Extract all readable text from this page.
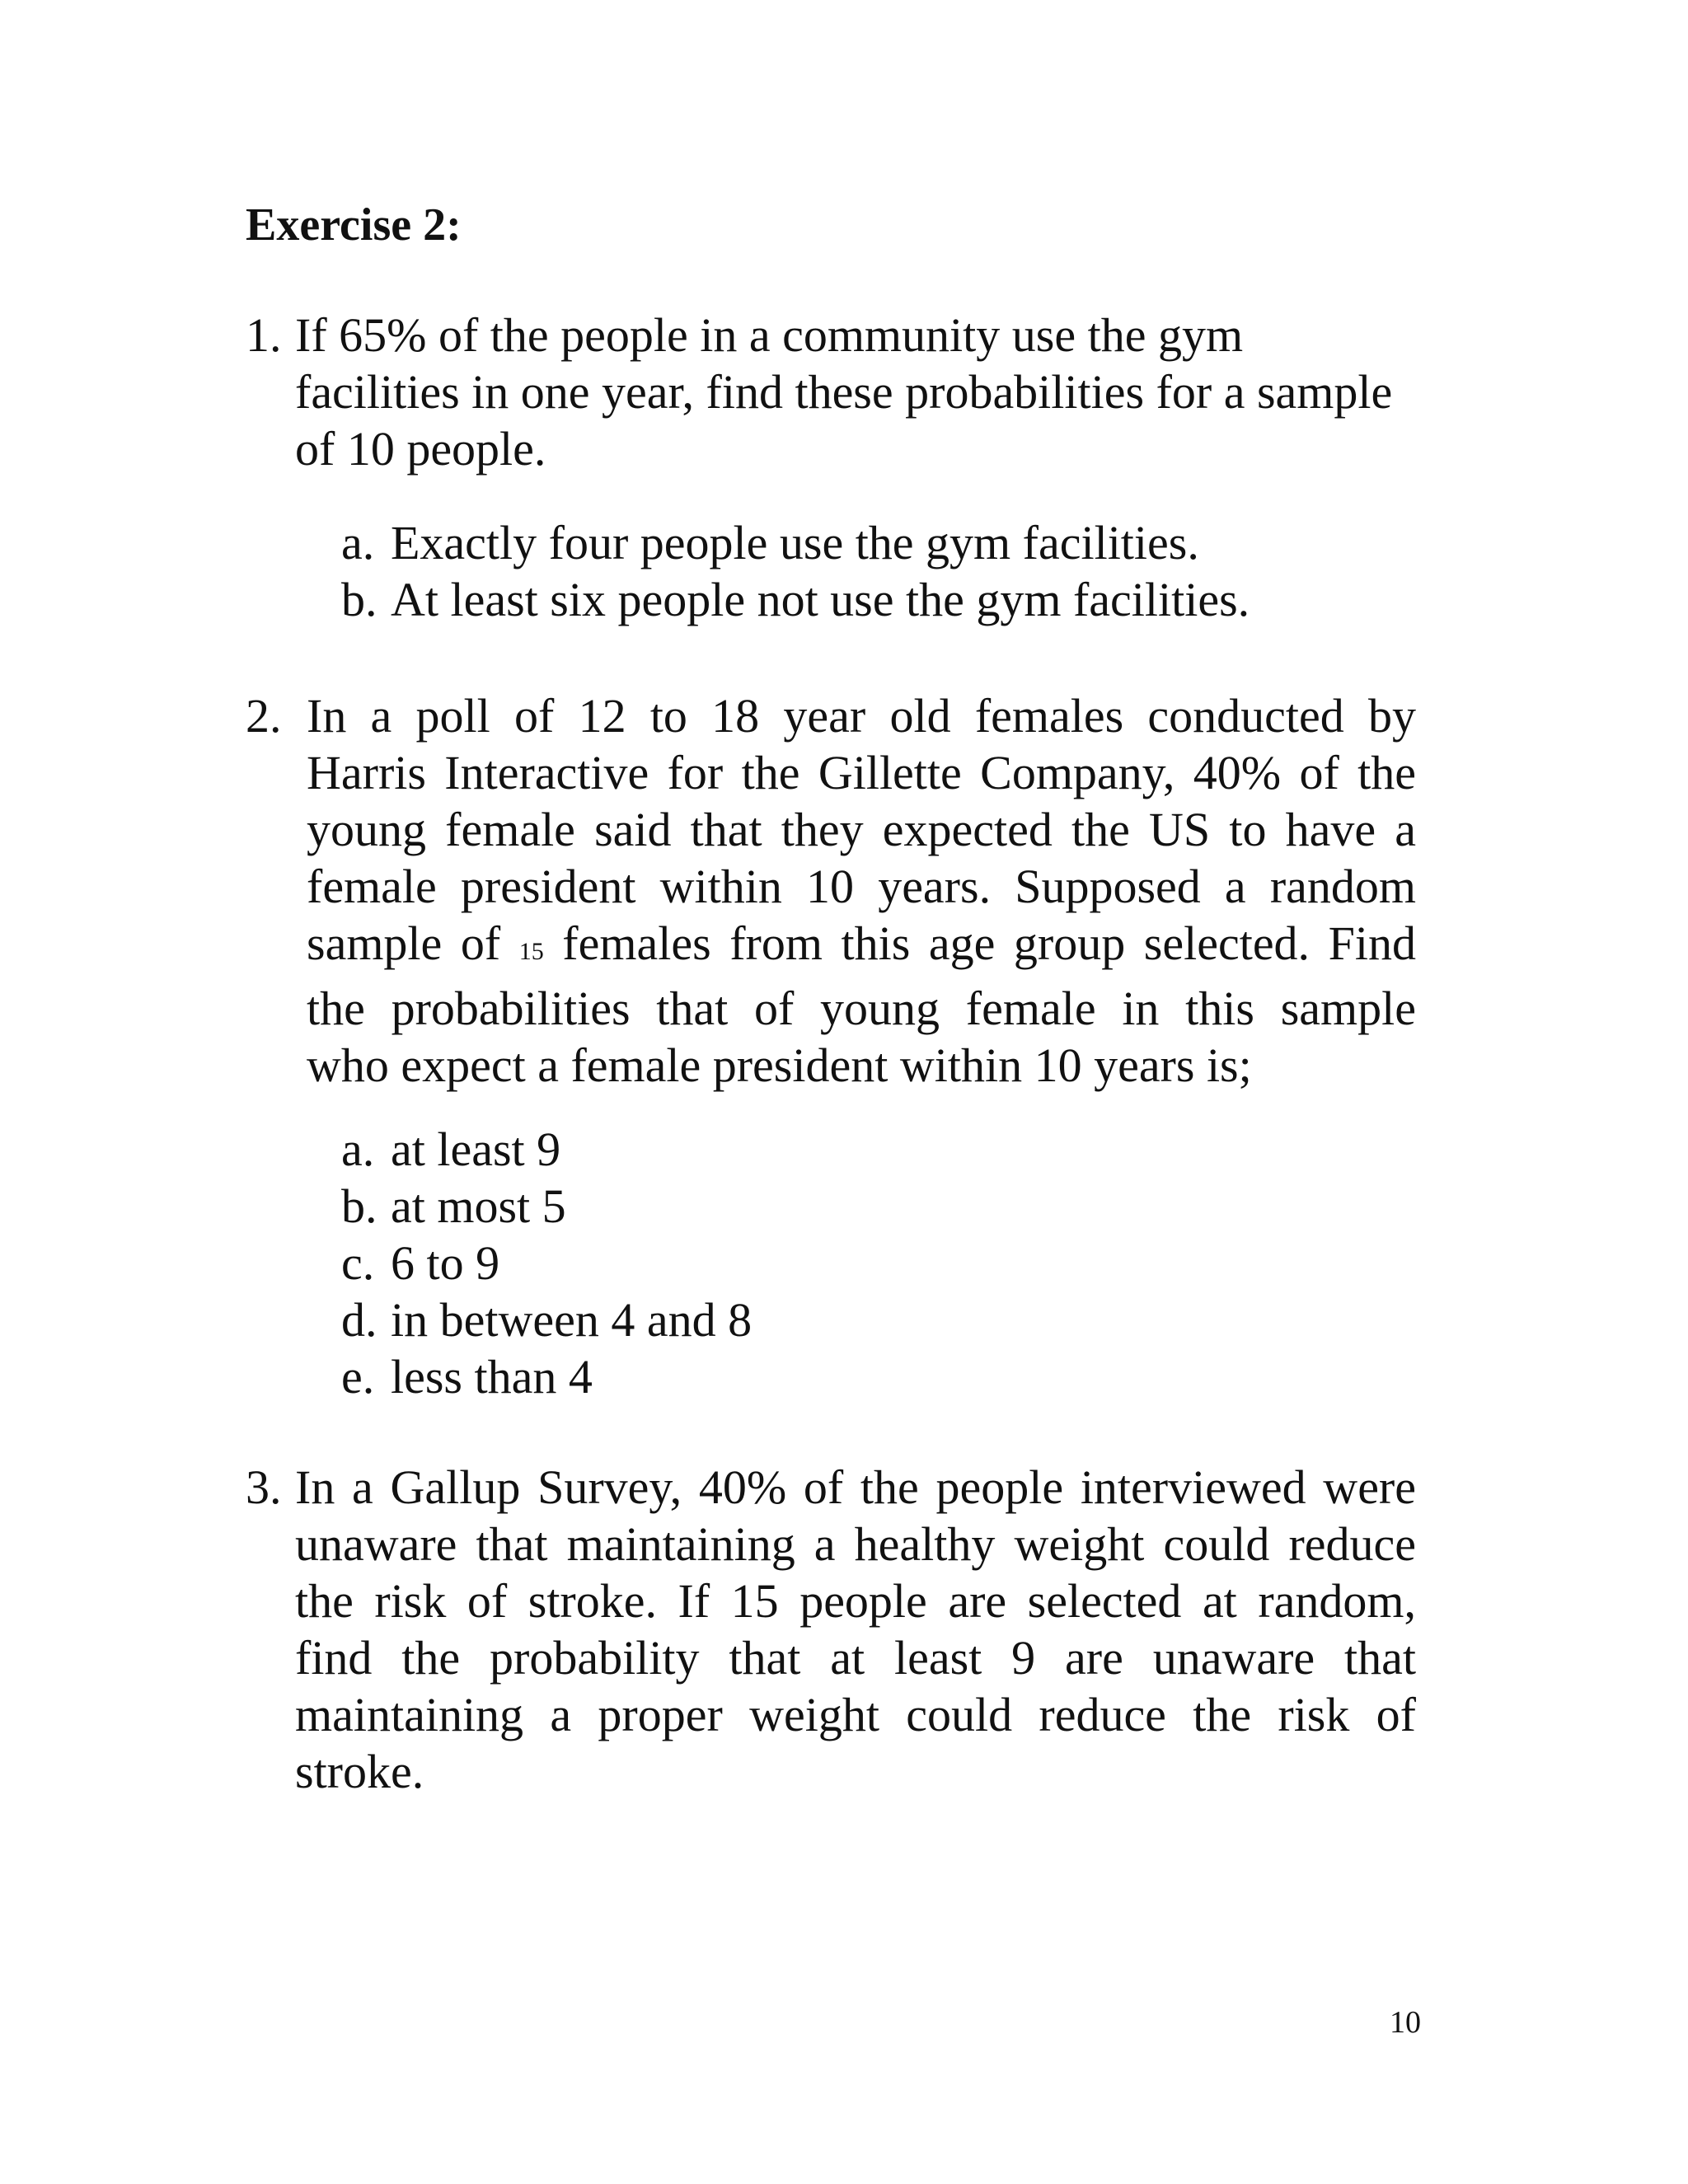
Exercise 2:
1. If 65% of the people in a community use the gym
facilities in one year, find these probabilities for a sample
of 10 people.
a. Exactly four people use the gym facilities.
b. At least six people not use the gym facilities.
2. In a poll of 12 to 18 year old females conducted by
Harris Interactive for the Gillette Company, 40% of the
young female said that they expected the US to have a
female president within 10 years. Supposed a random
sample of 15 females from this age group selected. Find
the probabilities that of young female in this sample
who expect a female president within 10 years is;
a. at least 9
b. at most 5
c. 6 to 9
d. in between 4 and 8
e. less than 4
3. In a Gallup Survey, 40% of the people interviewed were
unaware that maintaining a healthy weight could reduce
the risk of stroke. If 15 people are selected at random,
find the probability that at least 9 are unaware that
maintaining a proper weight could reduce the risk of
stroke.
10
